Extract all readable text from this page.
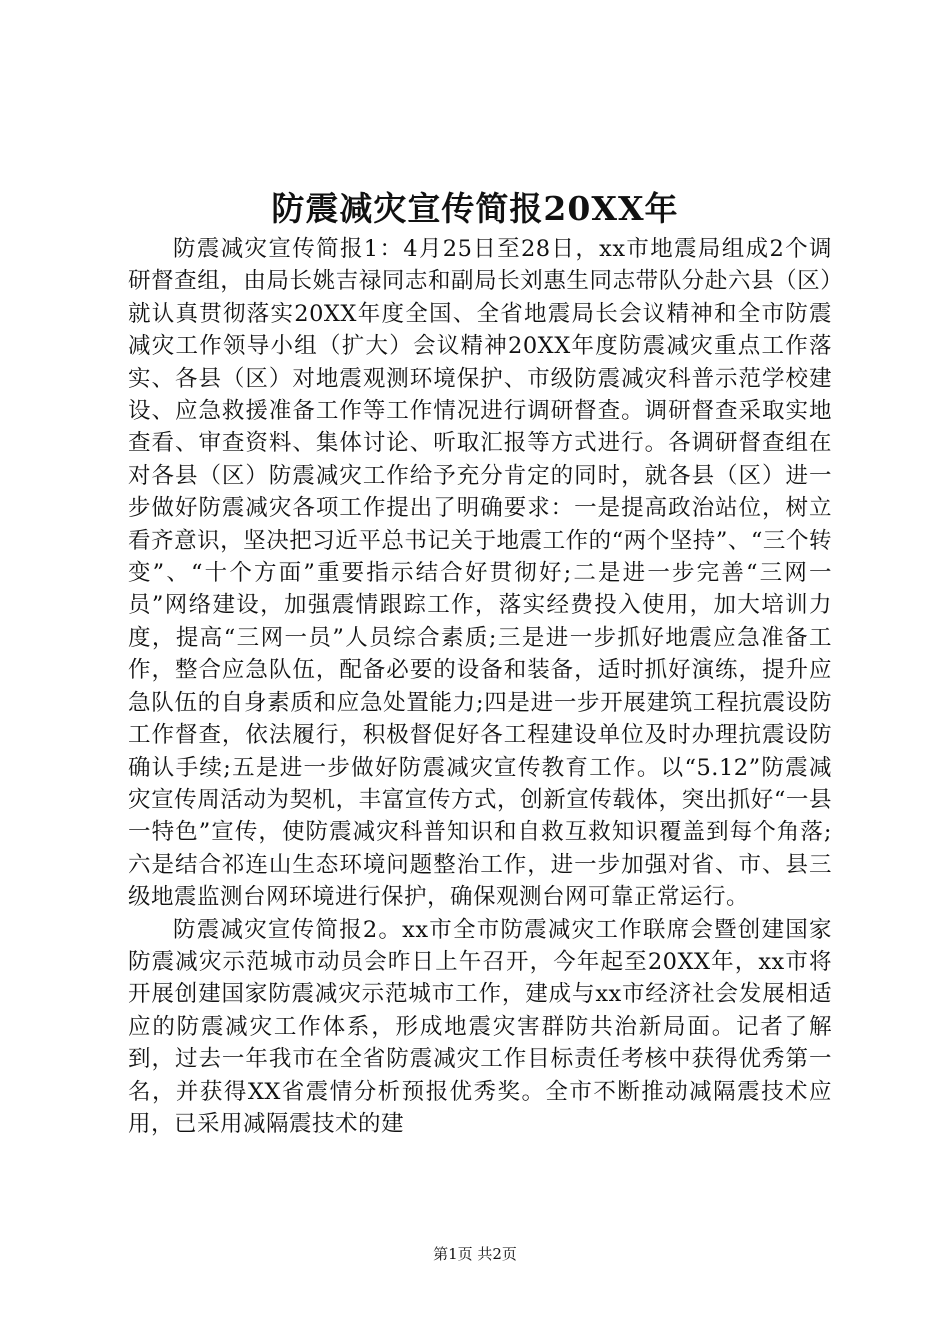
防震减灾宣传简报20XX年

防震减灾宣传简报1：4月25日至28日，xx市地震局组成2个调研督查组，由局长姚吉禄同志和副局长刘惠生同志带队分赴六县（区）就认真贯彻落实20XX年度全国、全省地震局长会议精神和全市防震减灾工作领导小组（扩大）会议精神20XX年度防震减灾重点工作落实、各县（区）对地震观测环境保护、市级防震减灾科普示范学校建设、应急救援准备工作等工作情况进行调研督查。调研督查采取实地查看、审查资料、集体讨论、听取汇报等方式进行。各调研督查组在对各县（区）防震减灾工作给予充分肯定的同时，就各县（区）进一步做好防震减灾各项工作提出了明确要求：一是提高政治站位，树立看齐意识，坚决把习近平总书记关于地震工作的“两个坚持”、“三个转变”、“十个方面”重要指示结合好贯彻好;二是进一步完善“三网一员”网络建设，加强震情跟踪工作，落实经费投入使用，加大培训力度，提高“三网一员”人员综合素质;三是进一步抓好地震应急准备工作，整合应急队伍，配备必要的设备和装备，适时抓好演练，提升应急队伍的自身素质和应急处置能力;四是进一步开展建筑工程抗震设防工作督查，依法履行，积极督促好各工程建设单位及时办理抗震设防确认手续;五是进一步做好防震减灾宣传教育工作。以“5.12”防震减灾宣传周活动为契机，丰富宣传方式，创新宣传载体，突出抓好“一县一特色”宣传，使防震减灾科普知识和自救互救知识覆盖到每个角落;六是结合祁连山生态环境问题整治工作，进一步加强对省、市、县三级地震监测台网环境进行保护，确保观测台网可靠正常运行。

防震减灾宣传简报2。xx市全市防震减灾工作联席会暨创建国家防震减灾示范城市动员会昨日上午召开，今年起至20XX年，xx市将开展创建国家防震减灾示范城市工作，建成与xx市经济社会发展相适应的防震减灾工作体系，形成地震灾害群防共治新局面。记者了解到，过去一年我市在全省防震减灾工作目标责任考核中获得优秀第一名，并获得XX省震情分析预报优秀奖。全市不断推动减隔震技术应用，已采用减隔震技术的建

第1页 共2页
